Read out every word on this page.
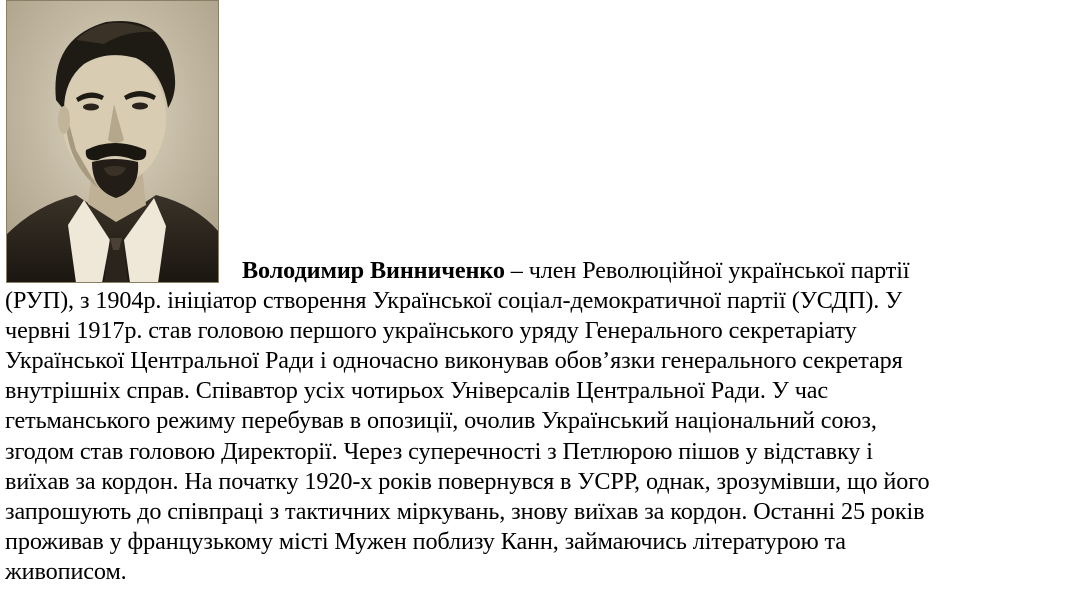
Володимир Винниченко – член Революційної української партії
(РУП), з 1904р. ініціатор створення Української соціал-демократичної партії (УСДП). У
червні 1917р. став головою першого українського уряду Генерального секретаріату
Української Центральної Ради і одночасно виконував обов’язки генерального секретаря
внутрішніх справ. Співавтор усіх чотирьох Універсалів Центральної Ради. У час
гетьманського режиму перебував в опозиції, очолив Український національний союз,
згодом став головою Директорії. Через суперечності з Петлюрою пішов у відставку і
виїхав за кордон. На початку 1920-х років повернувся в УСРР, однак, зрозумівши, що його
запрошують до співпраці з тактичних міркувань, знову виїхав за кордон. Останні 25 років
проживав у французькому місті Мужен поблизу Канн, займаючись літературою та
живописом.
